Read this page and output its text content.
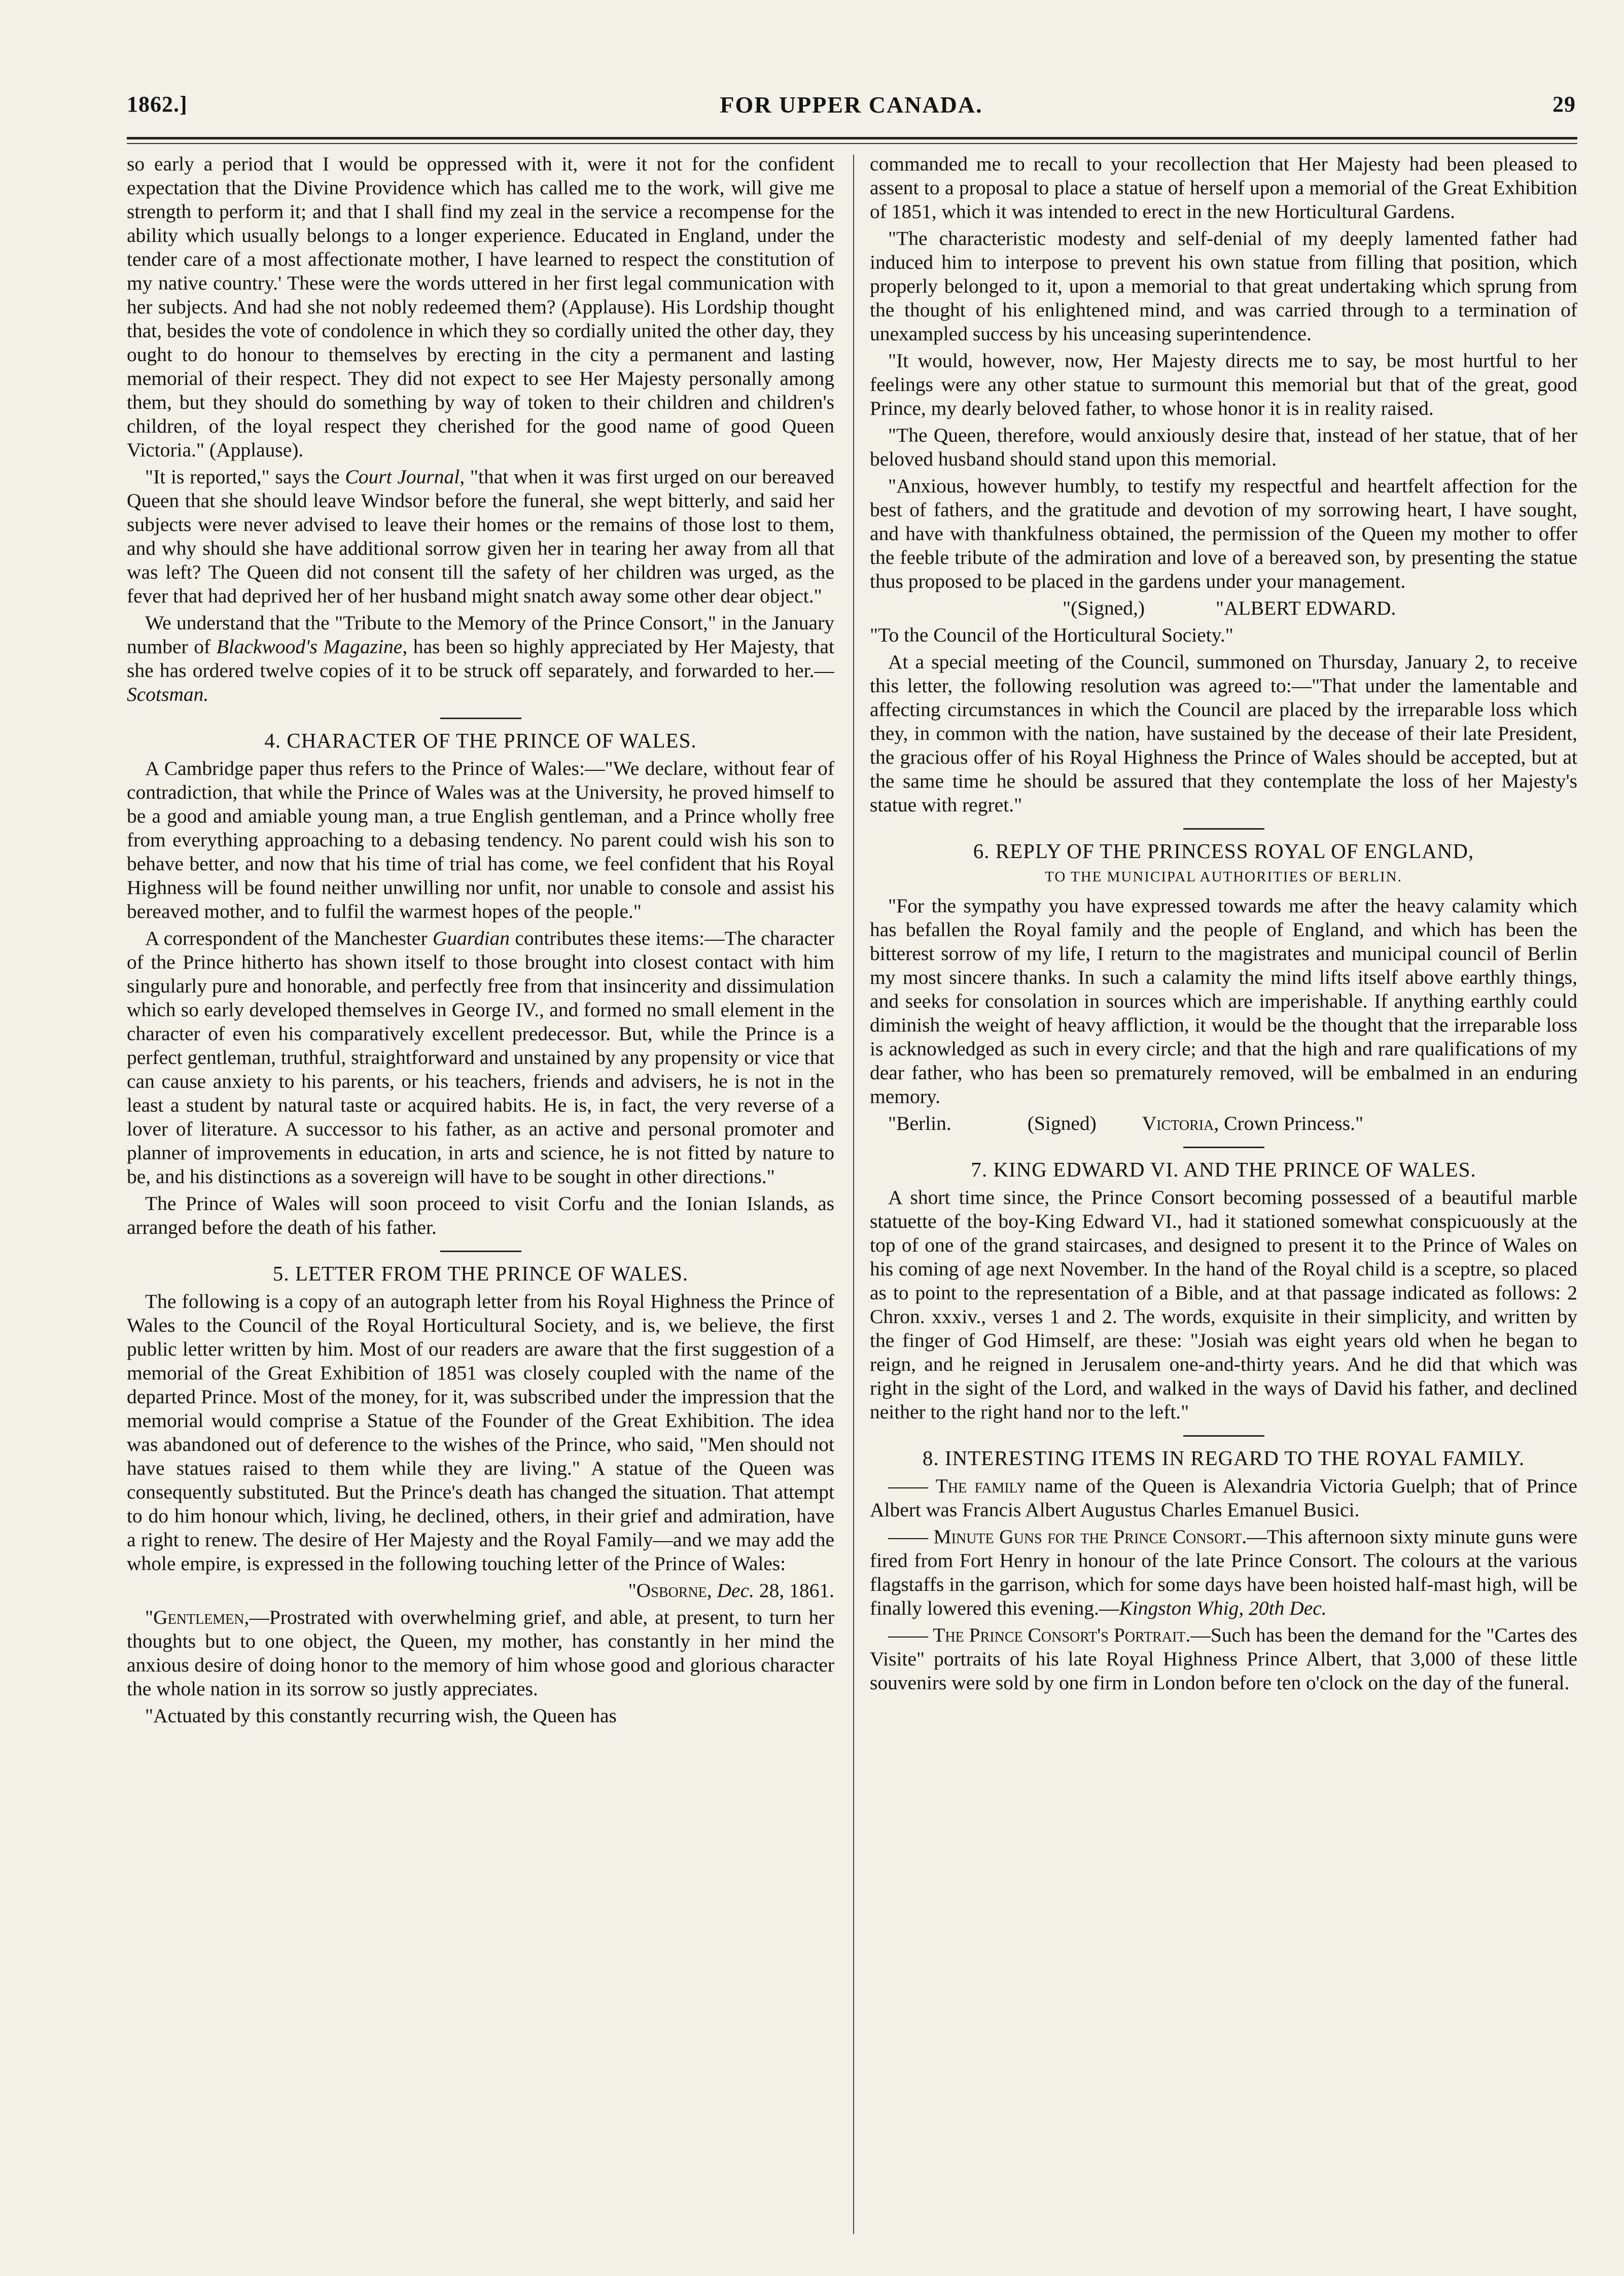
1862.]	FOR UPPER CANADA.	29

so early a period that I would be oppressed with it, were it not for the confident expectation that the Divine Providence which has called me to the work, will give me strength to perform it; and that I shall find my zeal in the service a recompense for the ability which usually belongs to a longer experience. Educated in England, under the tender care of a most affectionate mother, I have learned to respect the constitution of my native country.' These were the words uttered in her first legal communication with her subjects. And had she not nobly redeemed them? (Applause). His Lordship thought that, besides the vote of condolence in which they so cordially united the other day, they ought to do honour to themselves by erecting in the city a permanent and lasting memorial of their respect. They did not expect to see Her Majesty personally among them, but they should do something by way of token to their children and children's children, of the loyal respect they cherished for the good name of good Queen Victoria." (Applause).

"It is reported," says the Court Journal, "that when it was first urged on our bereaved Queen that she should leave Windsor before the funeral, she wept bitterly, and said her subjects were never advised to leave their homes or the remains of those lost to them, and why should she have additional sorrow given her in tearing her away from all that was left? The Queen did not consent till the safety of her children was urged, as the fever that had deprived her of her husband might snatch away some other dear object."

We understand that the "Tribute to the Memory of the Prince Consort," in the January number of Blackwood's Magazine, has been so highly appreciated by Her Majesty, that she has ordered twelve copies of it to be struck off separately, and forwarded to her.—Scotsman.

4. CHARACTER OF THE PRINCE OF WALES.

A Cambridge paper thus refers to the Prince of Wales:—"We declare, without fear of contradiction, that while the Prince of Wales was at the University, he proved himself to be a good and amiable young man, a true English gentleman, and a Prince wholly free from everything approaching to a debasing tendency. No parent could wish his son to behave better, and now that his time of trial has come, we feel confident that his Royal Highness will be found neither unwilling nor unfit, nor unable to console and assist his bereaved mother, and to fulfil the warmest hopes of the people."

A correspondent of the Manchester Guardian contributes these items:—The character of the Prince hitherto has shown itself to those brought into closest contact with him singularly pure and honorable, and perfectly free from that insincerity and dissimulation which so early developed themselves in George IV., and formed no small element in the character of even his comparatively excellent predecessor. But, while the Prince is a perfect gentleman, truthful, straightforward and unstained by any propensity or vice that can cause anxiety to his parents, or his teachers, friends and advisers, he is not in the least a student by natural taste or acquired habits. He is, in fact, the very reverse of a lover of literature. A successor to his father, as an active and personal promoter and planner of improvements in education, in arts and science, he is not fitted by nature to be, and his distinctions as a sovereign will have to be sought in other directions."

The Prince of Wales will soon proceed to visit Corfu and the Ionian Islands, as arranged before the death of his father.

5. LETTER FROM THE PRINCE OF WALES.

The following is a copy of an autograph letter from his Royal Highness the Prince of Wales to the Council of the Royal Horticultural Society, and is, we believe, the first public letter written by him. Most of our readers are aware that the first suggestion of a memorial of the Great Exhibition of 1851 was closely coupled with the name of the departed Prince. Most of the money, for it, was subscribed under the impression that the memorial would comprise a Statue of the Founder of the Great Exhibition. The idea was abandoned out of deference to the wishes of the Prince, who said, "Men should not have statues raised to them while they are living." A statue of the Queen was consequently substituted. But the Prince's death has changed the situation. That attempt to do him honour which, living, he declined, others, in their grief and admiration, have a right to renew. The desire of Her Majesty and the Royal Family—and we may add the whole empire, is expressed in the following touching letter of the Prince of Wales:

"Osborne, Dec. 28, 1861.

"Gentlemen,—Prostrated with overwhelming grief, and able, at present, to turn her thoughts but to one object, the Queen, my mother, has constantly in her mind the anxious desire of doing honor to the memory of him whose good and glorious character the whole nation in its sorrow so justly appreciates.

"Actuated by this constantly recurring wish, the Queen has

commanded me to recall to your recollection that Her Majesty had been pleased to assent to a proposal to place a statue of herself upon a memorial of the Great Exhibition of 1851, which it was intended to erect in the new Horticultural Gardens.

"The characteristic modesty and self-denial of my deeply lamented father had induced him to interpose to prevent his own statue from filling that position, which properly belonged to it, upon a memorial to that great undertaking which sprung from the thought of his enlightened mind, and was carried through to a termination of unexampled success by his unceasing superintendence.

"It would, however, now, Her Majesty directs me to say, be most hurtful to her feelings were any other statue to surmount this memorial but that of the great, good Prince, my dearly beloved father, to whose honor it is in reality raised.

"The Queen, therefore, would anxiously desire that, instead of her statue, that of her beloved husband should stand upon this memorial.

"Anxious, however humbly, to testify my respectful and heartfelt affection for the best of fathers, and the gratitude and devotion of my sorrowing heart, I have sought, and have with thankfulness obtained, the permission of the Queen my mother to offer the feeble tribute of the admiration and love of a bereaved son, by presenting the statue thus proposed to be placed in the gardens under your management.

"(Signed,)	"ALBERT EDWARD.

"To the Council of the Horticultural Society."

At a special meeting of the Council, summoned on Thursday, January 2, to receive this letter, the following resolution was agreed to:—"That under the lamentable and affecting circumstances in which the Council are placed by the irreparable loss which they, in common with the nation, have sustained by the decease of their late President, the gracious offer of his Royal Highness the Prince of Wales should be accepted, but at the same time he should be assured that they contemplate the loss of her Majesty's statue with regret."

6. REPLY OF THE PRINCESS ROYAL OF ENGLAND,
TO THE MUNICIPAL AUTHORITIES OF BERLIN.

"For the sympathy you have expressed towards me after the heavy calamity which has befallen the Royal family and the people of England, and which has been the bitterest sorrow of my life, I return to the magistrates and municipal council of Berlin my most sincere thanks. In such a calamity the mind lifts itself above earthly things, and seeks for consolation in sources which are imperishable. If anything earthly could diminish the weight of heavy affliction, it would be the thought that the irreparable loss is acknowledged as such in every circle; and that the high and rare qualifications of my dear father, who has been so prematurely removed, will be embalmed in an enduring memory.

"Berlin.	(Signed) Victoria, Crown Princess."

7. KING EDWARD VI. AND THE PRINCE OF WALES.

A short time since, the Prince Consort becoming possessed of a beautiful marble statuette of the boy-King Edward VI., had it stationed somewhat conspicuously at the top of one of the grand staircases, and designed to present it to the Prince of Wales on his coming of age next November. In the hand of the Royal child is a sceptre, so placed as to point to the representation of a Bible, and at that passage indicated as follows: 2 Chron. xxxiv., verses 1 and 2. The words, exquisite in their simplicity, and written by the finger of God Himself, are these: "Josiah was eight years old when he began to reign, and he reigned in Jerusalem one-and-thirty years. And he did that which was right in the sight of the Lord, and walked in the ways of David his father, and declined neither to the right hand nor to the left."

8. INTERESTING ITEMS IN REGARD TO THE ROYAL FAMILY.

—— The family name of the Queen is Alexandria Victoria Guelph; that of Prince Albert was Francis Albert Augustus Charles Emanuel Busici.

—— Minute Guns for the Prince Consort.—This afternoon sixty minute guns were fired from Fort Henry in honour of the late Prince Consort. The colours at the various flagstaffs in the garrison, which for some days have been hoisted half-mast high, will be finally lowered this evening.—Kingston Whig, 20th Dec.

—— The Prince Consort's Portrait.—Such has been the demand for the "Cartes des Visite" portraits of his late Royal Highness Prince Albert, that 3,000 of these little souvenirs were sold by one firm in London before ten o'clock on the day of the funeral.
